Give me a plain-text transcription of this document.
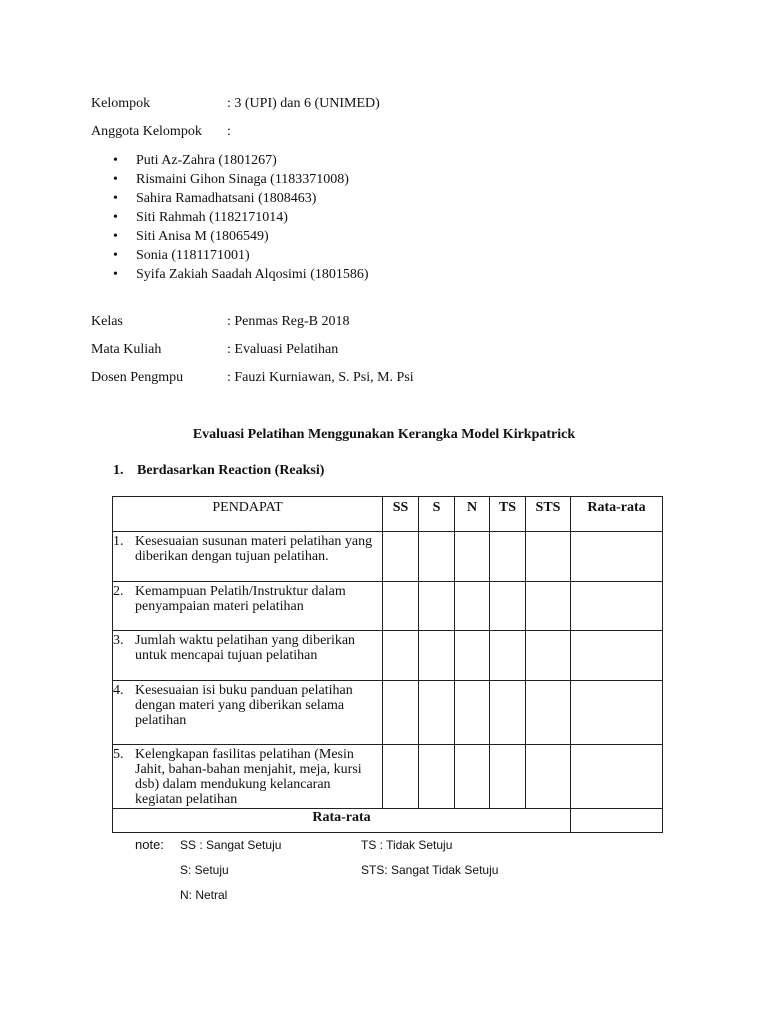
Kelompok	: 3 (UPI) dan 6 (UNIMED)
Anggota Kelompok :
• Puti Az-Zahra (1801267)
• Rismaini Gihon Sinaga (1183371008)
• Sahira Ramadhatsani (1808463)
• Siti Rahmah (1182171014)
• Siti Anisa M (1806549)
• Sonia (1181171001)
• Syifa Zakiah Saadah Alqosimi (1801586)
Kelas	: Penmas Reg-B 2018
Mata Kuliah	: Evaluasi Pelatihan
Dosen Pengmpu	: Fauzi Kurniawan, S. Psi, M. Psi
Evaluasi Pelatihan Menggunakan Kerangka Model Kirkpatrick
1. Berdasarkan Reaction (Reaksi)
PENDAPAT	SS	S	N	TS	STS	Rata-rata

1. Kesesuaian susunan materi pelatihan yang diberikan dengan tujuan pelatihan.						

2. Kemampuan Pelatih/Instruktur dalam penyampaian materi pelatihan						

3. Jumlah waktu pelatihan yang diberikan untuk mencapai tujuan pelatihan						

4. Kesesuaian isi buku panduan pelatihan dengan materi yang diberikan selama pelatihan						

5. Kelengkapan fasilitas pelatihan (Mesin Jahit, bahan-bahan menjahit, meja, kursi dsb) dalam mendukung kelancaran kegiatan pelatihan						

Rata-rata						
note: SS : Sangat Setuju	TS : Tidak Setuju
S: Setuju	STS: Sangat Tidak Setuju
N: Netral
